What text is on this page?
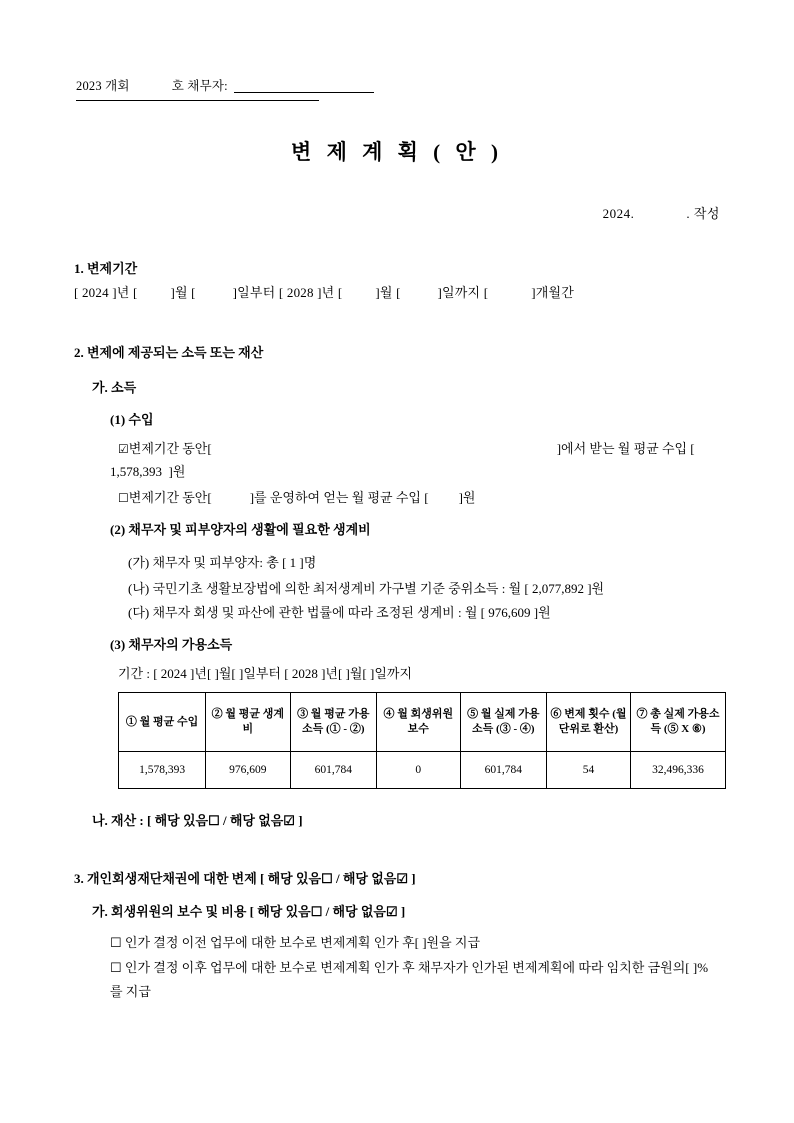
2023 개회	호 채무자:
변 제 계 획 ( 안 )
2024.	. 작성
1. 변제기간
[ 2024 ]년 [	]월 [	]일부터 [ 2028 ]년 [	]월 [	]일까지 [	]개월간
2. 변제에 제공되는 소득 또는 재산
가. 소득
(1) 수입
☑변제기간 동안[	]에서 받는 월 평균 수입 [
1,578,393 ]원
☐변제기간 동안[	]를 운영하여 얻는 월 평균 수입 [ ]원
(2) 채무자 및 피부양자의 생활에 필요한 생계비
(가) 채무자 및 피부양자: 총 [ 1 ]명
(나) 국민기초 생활보장법에 의한 최저생계비 가구별 기준 중위소득 : 월 [ 2,077,892 ]원
(다) 채무자 회생 및 파산에 관한 법률에 따라 조정된 생계비 : 월 [ 976,609 ]원
(3) 채무자의 가용소득
기간 : [ 2024 ]년[ ]월[ ]일부터 [ 2028 ]년[ ]월[ ]일까지
① 월 평균 수입	② 월 평균 생계비	③ 월 평균 가용소득 (① - ②)	④ 월 회생위원 보수	⑤ 월 실제 가용소득 (③ - ④)	⑥ 변제 횟수 (월 단위로 환산)	⑦ 총 실제 가용소득 (⑤ X ⑥)
1,578,393	976,609	601,784	0	601,784	54	32,496,336
나. 재산 : [ 해당 있음☐ / 해당 없음☑ ]
3. 개인회생재단채권에 대한 변제 [ 해당 있음☐ / 해당 없음☑ ]
가. 회생위원의 보수 및 비용 [ 해당 있음☐ / 해당 없음☑ ]
☐ 인가 결정 이전 업무에 대한 보수로 변제계획 인가 후[ ]원을 지급
☐ 인가 결정 이후 업무에 대한 보수로 변제계획 인가 후 채무자가 인가된 변제계획에 따라 임치한 금원의[ ]%를 지급
